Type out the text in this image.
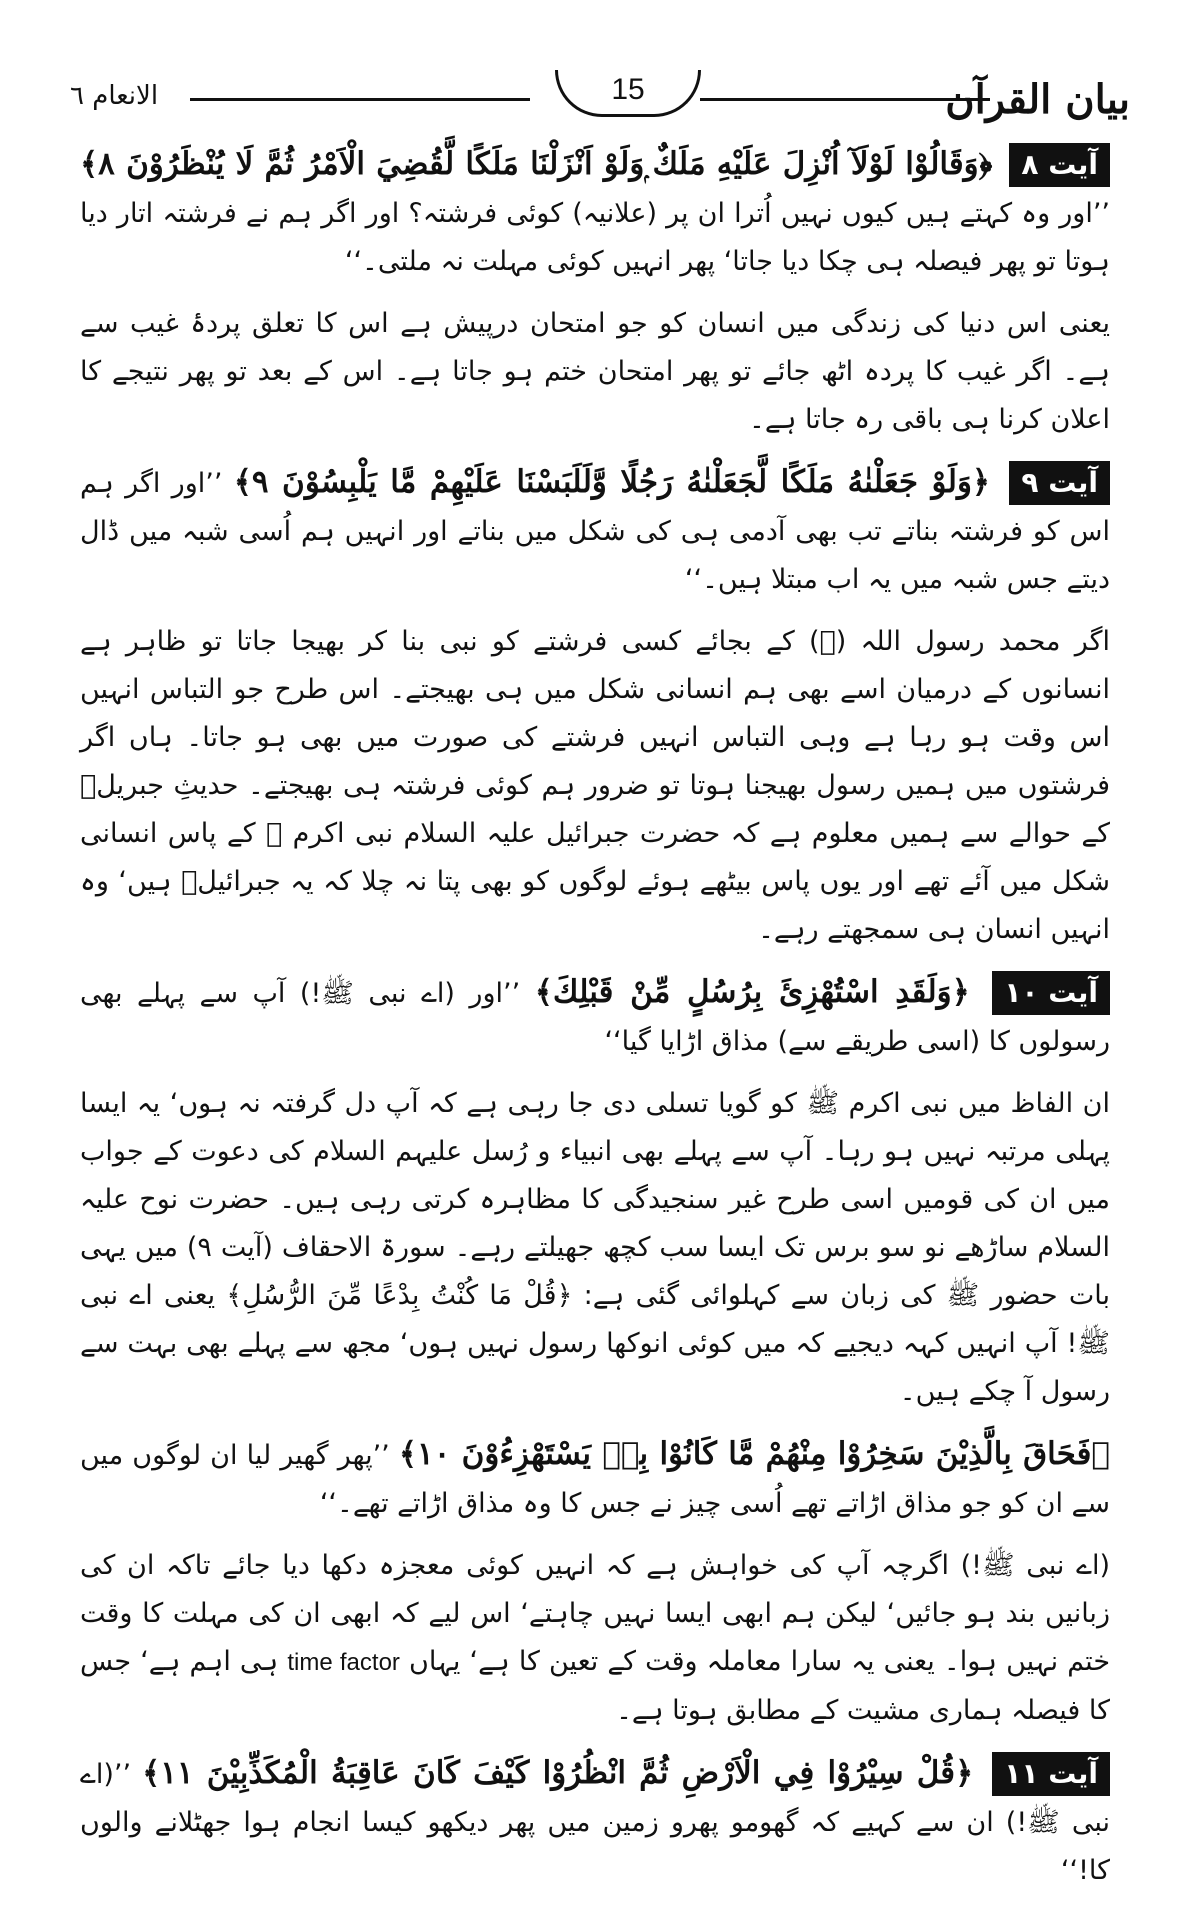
بیان القرآن
15
الانعام ٦

آیت ۸ ﴿وَقَالُوْا لَوْلَآ اُنْزِلَ عَلَيْهِ مَلَكٌ ۭوَلَوْ اَنْزَلْنَا مَلَكًا لَّقُضِيَ الْاَمْرُ ثُمَّ لَا يُنْظَرُوْنَ ۸﴾ ’’اور وہ کہتے ہیں کیوں نہیں اُترا ان پر (علانیہ) کوئی فرشتہ؟ اور اگر ہم نے فرشتہ اتار دیا ہوتا تو پھر فیصلہ ہی چکا دیا جاتا‘ پھر انہیں کوئی مہلت نہ ملتی۔‘‘

یعنی اس دنیا کی زندگی میں انسان کو جو امتحان درپیش ہے اس کا تعلق پردۂ غیب سے ہے۔ اگر غیب کا پردہ اٹھ جائے تو پھر امتحان ختم ہو جاتا ہے۔ اس کے بعد تو پھر نتیجے کا اعلان کرنا ہی باقی رہ جاتا ہے۔

آیت ۹ ﴿وَلَوْ جَعَلْنٰهُ مَلَكًا لَّجَعَلْنٰهُ رَجُلًا وَّلَلَبَسْنَا عَلَيْهِمْ مَّا يَلْبِسُوْنَ ۹﴾ ’’اور اگر ہم اس کو فرشتہ بناتے تب بھی آدمی ہی کی شکل میں بناتے اور انہیں ہم اُسی شبہ میں ڈال دیتے جس شبہ میں یہ اب مبتلا ہیں۔‘‘

اگر محمد رسول اللہ (ﷺ) کے بجائے کسی فرشتے کو نبی بنا کر بھیجا جاتا تو ظاہر ہے انسانوں کے درمیان اسے بھی ہم انسانی شکل میں ہی بھیجتے۔ اس طرح جو التباس انہیں اس وقت ہو رہا ہے وہی التباس انہیں فرشتے کی صورت میں بھی ہو جاتا۔ ہاں اگر فرشتوں میں ہمیں رسول بھیجنا ہوتا تو ضرور ہم کوئی فرشتہ ہی بھیجتے۔ حدیثِ جبریلؑ کے حوالے سے ہمیں معلوم ہے کہ حضرت جبرائیل علیہ السلام نبی اکرم ﷺ کے پاس انسانی شکل میں آئے تھے اور یوں پاس بیٹھے ہوئے لوگوں کو بھی پتا نہ چلا کہ یہ جبرائیلؑ ہیں‘ وہ انہیں انسان ہی سمجھتے رہے۔

آیت ۱۰ ﴿وَلَقَدِ اسْتُهْزِئَ بِرُسُلٍ مِّنْ قَبْلِكَ﴾ ’’اور (اے نبی ﷺ!) آپ سے پہلے بھی رسولوں کا (اسی طریقے سے) مذاق اڑایا گیا‘‘

ان الفاظ میں نبی اکرم ﷺ کو گویا تسلی دی جا رہی ہے کہ آپ دل گرفتہ نہ ہوں‘ یہ ایسا پہلی مرتبہ نہیں ہو رہا۔ آپ سے پہلے بھی انبیاء و رُسل علیہم السلام کی دعوت کے جواب میں ان کی قومیں اسی طرح غیر سنجیدگی کا مظاہرہ کرتی رہی ہیں۔ حضرت نوح علیہ السلام ساڑھے نو سو برس تک ایسا سب کچھ جھیلتے رہے۔ سورۃ الاحقاف (آیت ۹) میں یہی بات حضور ﷺ کی زبان سے کہلوائی گئی ہے: ﴿قُلْ مَا كُنْتُ بِدْعًا مِّنَ الرُّسُلِ﴾ یعنی اے نبی ﷺ! آپ انہیں کہہ دیجیے کہ میں کوئی انوکھا رسول نہیں ہوں‘ مجھ سے پہلے بھی بہت سے رسول آ چکے ہیں۔

﴿فَحَاقَ بِالَّذِيْنَ سَخِرُوْا مِنْهُمْ مَّا كَانُوْا بِهٖ يَسْتَهْزِءُوْنَ ۱۰﴾ ’’پھر گھیر لیا ان لوگوں میں سے ان کو جو مذاق اڑاتے تھے اُسی چیز نے جس کا وہ مذاق اڑاتے تھے۔‘‘

(اے نبی ﷺ!) اگرچہ آپ کی خواہش ہے کہ انہیں کوئی معجزہ دکھا دیا جائے تاکہ ان کی زبانیں بند ہو جائیں‘ لیکن ہم ابھی ایسا نہیں چاہتے‘ اس لیے کہ ابھی ان کی مہلت کا وقت ختم نہیں ہوا۔ یعنی یہ سارا معاملہ وقت کے تعین کا ہے‘ یہاں time factor ہی اہم ہے‘ جس کا فیصلہ ہماری مشیت کے مطابق ہوتا ہے۔

آیت ۱۱ ﴿قُلْ سِيْرُوْا فِي الْاَرْضِ ثُمَّ انْظُرُوْا كَيْفَ كَانَ عَاقِبَةُ الْمُكَذِّبِيْنَ ۱۱﴾ ’’(اے نبی ﷺ!) ان سے کہیے کہ گھومو پھرو زمین میں پھر دیکھو کیسا انجام ہوا جھٹلانے والوں کا!‘‘
